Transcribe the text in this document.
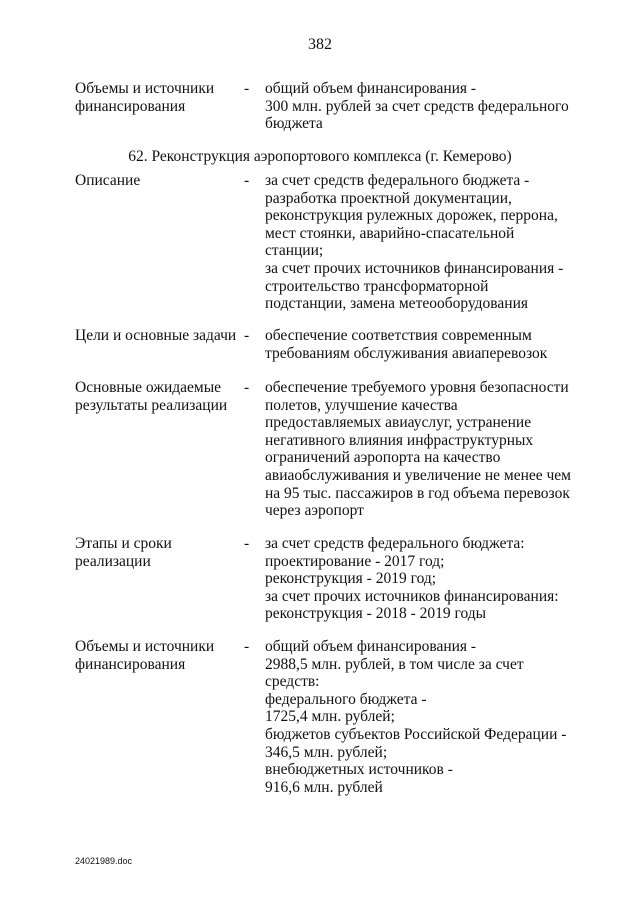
382
Объемы и источники
финансирования
- общий объем финансирования -
300 млн. рублей за счет средств федерального
бюджета
62. Реконструкция аэропортового комплекса (г. Кемерово)
Описание	- за счет средств федерального бюджета -
разработка проектной документации,
реконструкция рулежных дорожек, перрона,
мест стоянки, аварийно-спасательной
станции;
за счет прочих источников финансирования -
строительство трансформаторной
подстанции, замена метеооборудования
Цели и основные задачи - обеспечение соответствия современным
требованиям обслуживания авиаперевозок
Основные ожидаемые
результаты реализации
- обеспечение требуемого уровня безопасности
полетов, улучшение качества
предоставляемых авиауслуг, устранение
негативного влияния инфраструктурных
ограничений аэропорта на качество
авиаобслуживания и увеличение не менее чем
на 95 тыс. пассажиров в год объема перевозок
через аэропорт
Этапы и сроки
реализации
- за счет средств федерального бюджета:
проектирование - 2017 год;
реконструкция - 2019 год;
за счет прочих источников финансирования:
реконструкция - 2018 - 2019 годы
Объемы и источники
финансирования
- общий объем финансирования -
2988,5 млн. рублей, в том числе за счет
средств:
федерального бюджета -
1725,4 млн. рублей;
бюджетов субъектов Российской Федерации -
346,5 млн. рублей;
внебюджетных источников -
916,6 млн. рублей
24021989.doc
